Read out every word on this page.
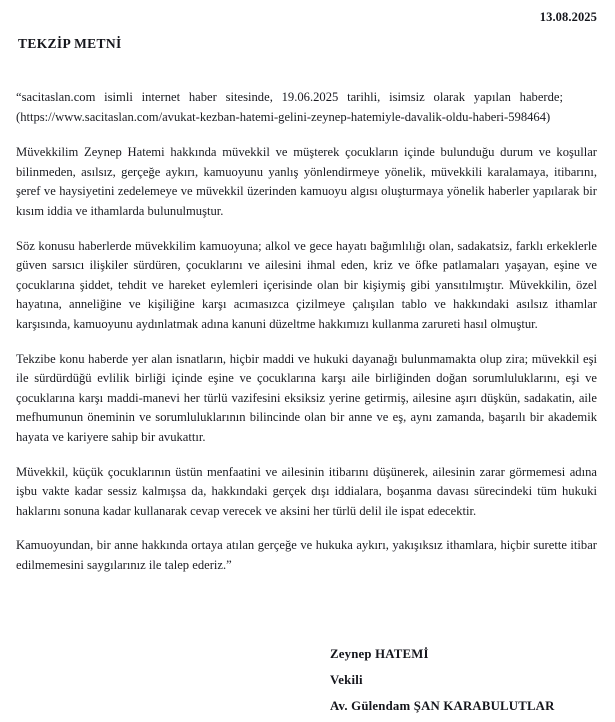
13.08.2025
TEKZİP METNİ

“sacitaslan.com isimli internet haber sitesinde, 19.06.2025 tarihli, isimsiz olarak yapılan haberde;(https://www.sacitaslan.com/avukat-kezban-hatemi-gelini-zeynep-hatemiyle-davalik-oldu-haberi-598464)

Müvekkilim Zeynep Hatemi hakkında müvekkil ve müşterek çocukların içinde bulunduğu durum ve koşullar bilinmeden, asılsız, gerçeğe aykırı, kamuoyunu yanlış yönlendirmeye yönelik, müvekkili karalamaya, itibarını, şeref ve haysiyetini zedelemeye ve müvekkil üzerinden kamuoyu algısı oluşturmaya yönelik haberler yapılarak bir kısım iddia ve ithamlarda bulunulmuştur.

Söz konusu haberlerde müvekkilim kamuoyuna; alkol ve gece hayatı bağımlılığı olan, sadakatsiz, farklı erkeklerle güven sarsıcı ilişkiler sürdüren, çocuklarını ve ailesini ihmal eden, kriz ve öfke patlamaları yaşayan, eşine ve çocuklarına şiddet, tehdit ve hareket eylemleri içerisinde olan bir kişiymiş gibi yansıtılmıştır. Müvekkilin, özel hayatına, anneliğine ve kişiliğine karşı acımasızca çizilmeye çalışılan tablo ve hakkındaki asılsız ithamlar karşısında, kamuoyunu aydınlatmak adına kanuni düzeltme hakkımızı kullanma zarureti hasıl olmuştur.

Tekzibe konu haberde yer alan isnatların, hiçbir maddi ve hukuki dayanağı bulunmamakta olup zira; müvekkil eşi ile sürdürdüğü evlilik birliği içinde eşine ve çocuklarına karşı aile birliğinden doğan sorumluluklarını, eşi ve çocuklarına karşı maddi-manevi her türlü vazifesini eksiksiz yerine getirmiş, ailesine aşırı düşkün, sadakatin, aile mefhumunun öneminin ve sorumluluklarının bilincinde olan bir anne ve eş, aynı zamanda, başarılı bir akademik hayata ve kariyere sahip bir avukattır.

Müvekkil, küçük çocuklarının üstün menfaatini ve ailesinin itibarını düşünerek, ailesinin zarar görmemesi adına işbu vakte kadar sessiz kalmışsa da, hakkındaki gerçek dışı iddialara, boşanma davası sürecindeki tüm hukuki haklarını sonuna kadar kullanarak cevap verecek ve aksini her türlü delil ile ispat edecektir.

Kamuoyundan, bir anne hakkında ortaya atılan gerçeğe ve hukuka aykırı, yakışıksız ithamlara, hiçbir surette itibar edilmemesini saygılarınız ile talep ederiz.”

Zeynep HATEMİ
Vekili
Av. Gülendam ŞAN KARABULUTLAR
